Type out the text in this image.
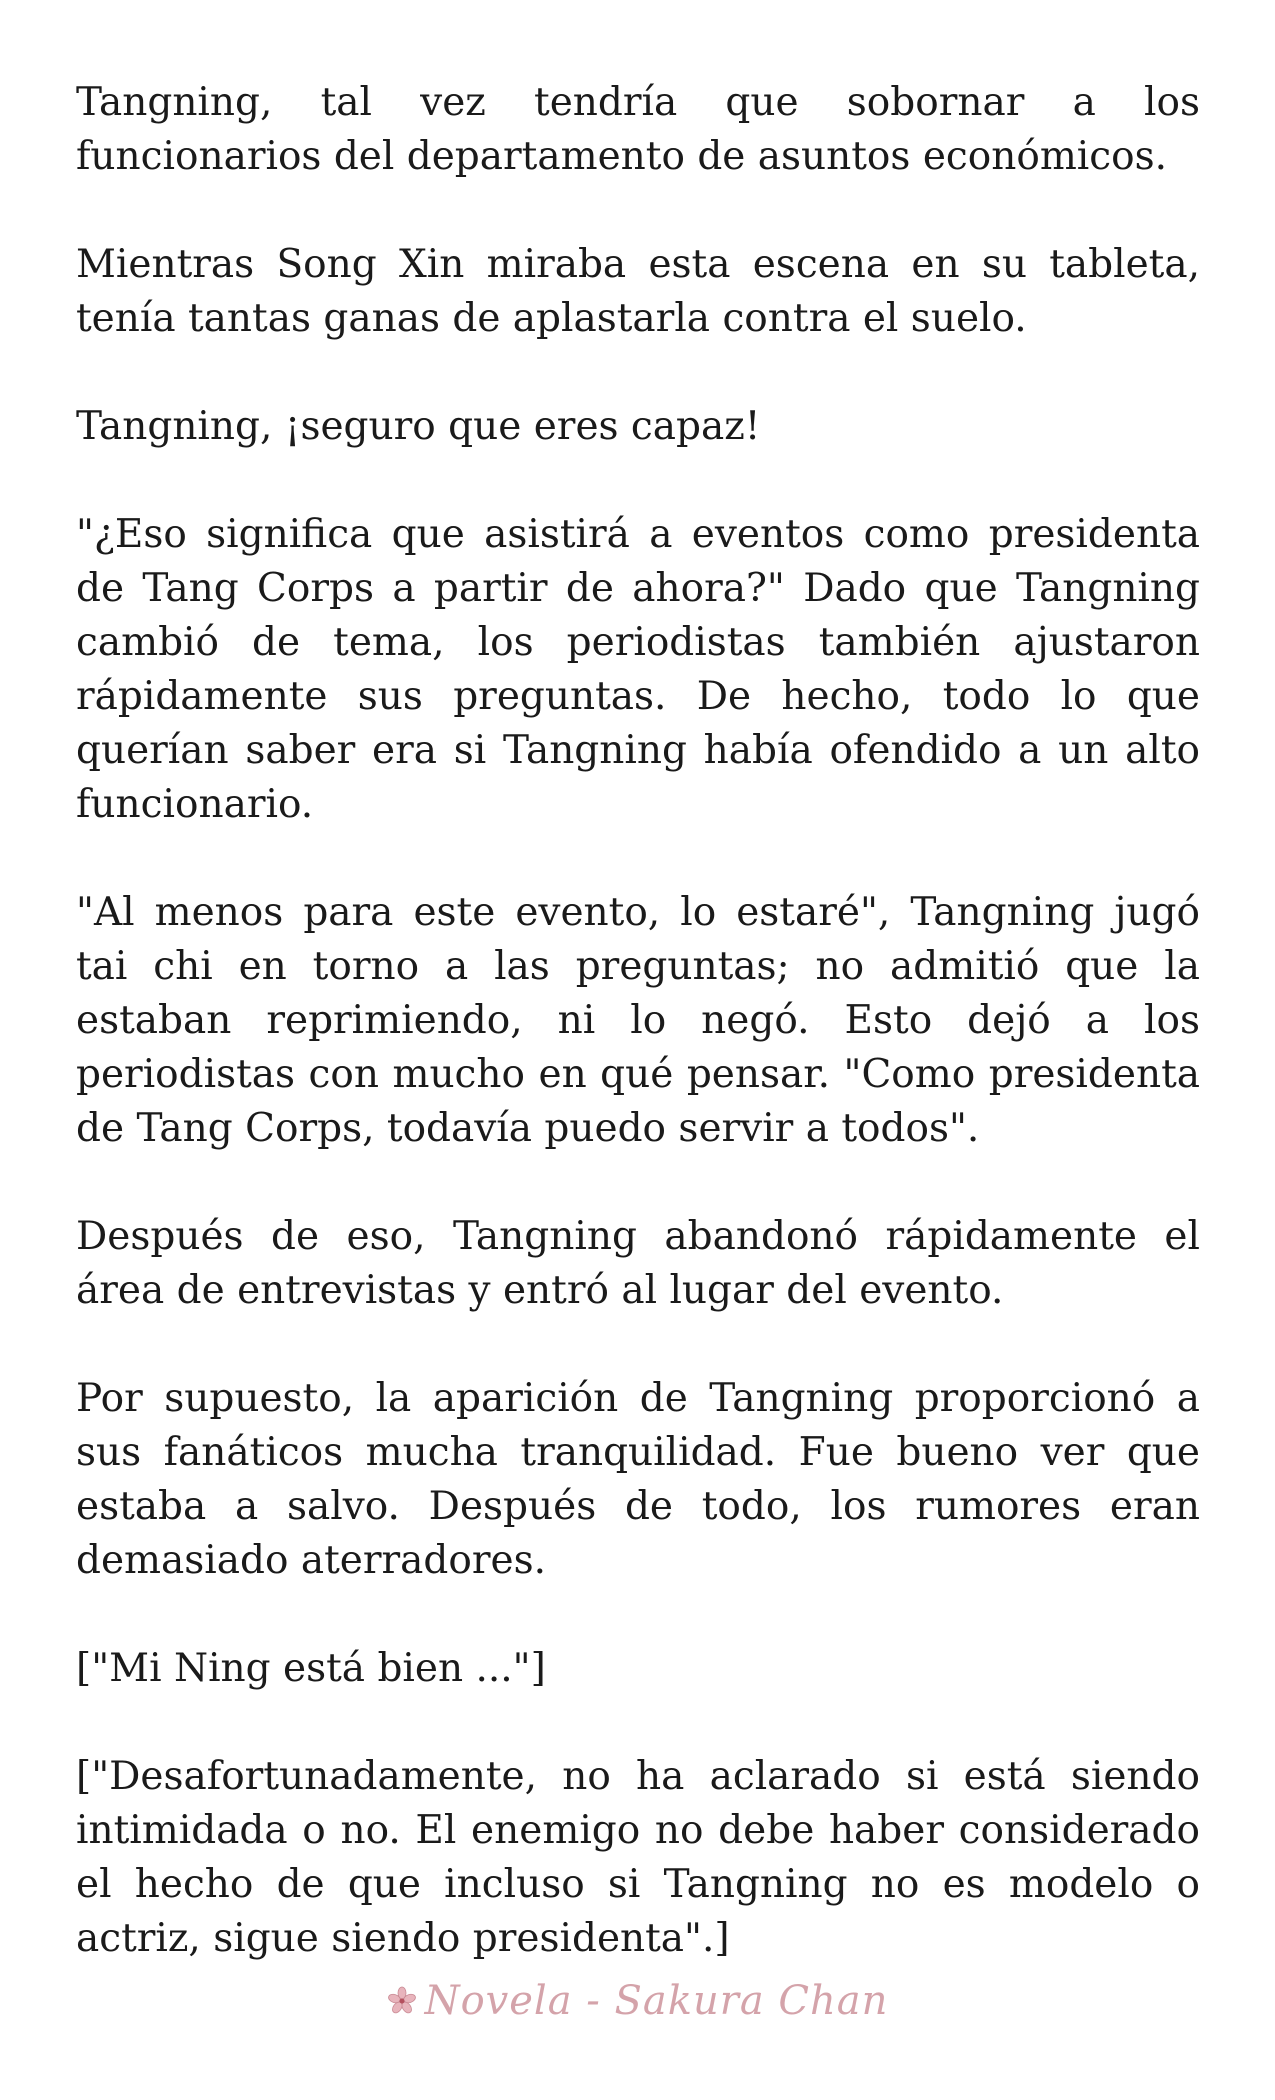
Tangning, tal vez tendría que sobornar a los funcionarios del departamento de asuntos económicos.

Mientras Song Xin miraba esta escena en su tableta, tenía tantas ganas de aplastarla contra el suelo.

Tangning, ¡seguro que eres capaz!

"¿Eso significa que asistirá a eventos como presidenta de Tang Corps a partir de ahora?" Dado que Tangning cambió de tema, los periodistas también ajustaron rápidamente sus preguntas. De hecho, todo lo que querían saber era si Tangning había ofendido a un alto funcionario.

"Al menos para este evento, lo estaré", Tangning jugó tai chi en torno a las preguntas; no admitió que la estaban reprimiendo, ni lo negó. Esto dejó a los periodistas con mucho en qué pensar. "Como presidenta de Tang Corps, todavía puedo servir a todos".

Después de eso, Tangning abandonó rápidamente el área de entrevistas y entró al lugar del evento.

Por supuesto, la aparición de Tangning proporcionó a sus fanáticos mucha tranquilidad. Fue bueno ver que estaba a salvo. Después de todo, los rumores eran demasiado aterradores.

["Mi Ning está bien ..."]

["Desafortunadamente, no ha aclarado si está siendo intimidada o no. El enemigo no debe haber considerado el hecho de que incluso si Tangning no es modelo o actriz, sigue siendo presidenta".]

Novela - Sakura Chan
